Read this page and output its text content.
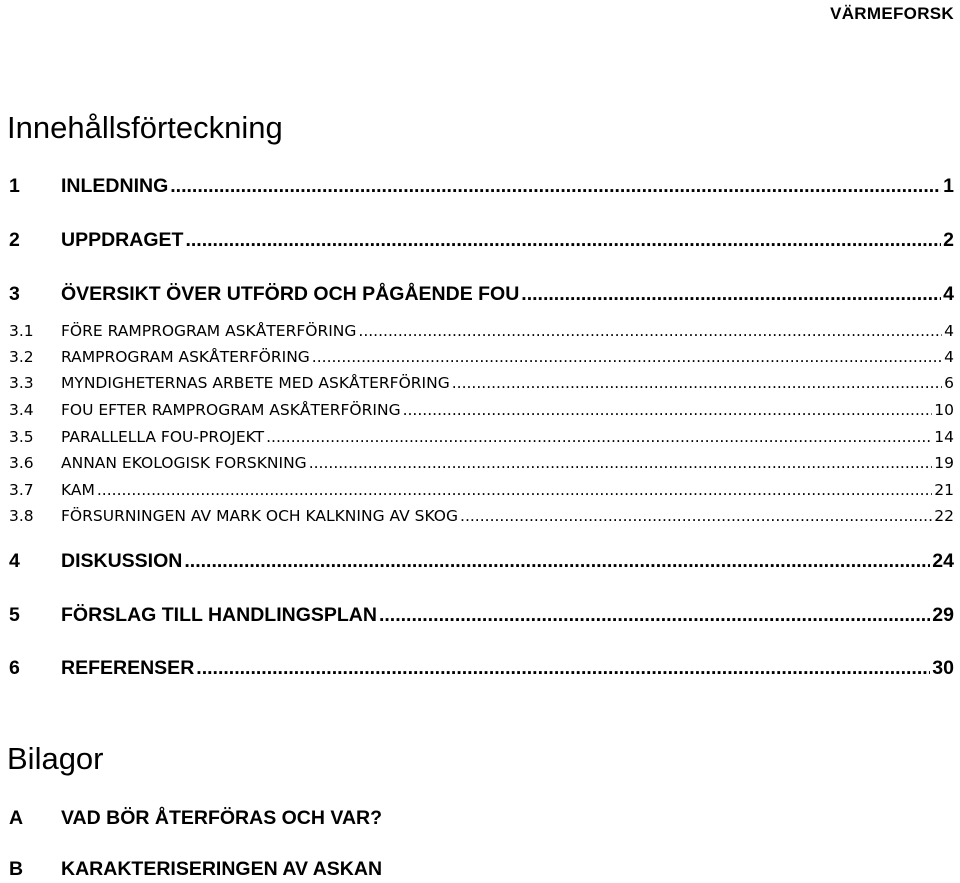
VÄRMEFORSK
Innehållsförteckning
1	INLEDNING .....	1
2	UPPDRAGET .....	2
3	ÖVERSIKT ÖVER UTFÖRD OCH PÅGÅENDE FOU .....	4
3.1	FÖRE RAMPROGRAM ASKÅTERFÖRING .....	4
3.2	RAMPROGRAM ASKÅTERFÖRING .....	4
3.3	MYNDIGHETERNAS ARBETE MED ASKÅTERFÖRING .....	6
3.4	FOU EFTER RAMPROGRAM ASKÅTERFÖRING .....	10
3.5	PARALLELLA FOU-PROJEKT .....	14
3.6	ANNAN EKOLOGISK FORSKNING .....	19
3.7	KAM .....	21
3.8	FÖRSURNINGEN AV MARK OCH KALKNING AV SKOG .....	22
4	DISKUSSION .....	24
5	FÖRSLAG TILL HANDLINGSPLAN .....	29
6	REFERENSER .....	30
Bilagor
A VAD BÖR ÅTERFÖRAS OCH VAR?
B KARAKTERISERINGEN AV ASKAN
